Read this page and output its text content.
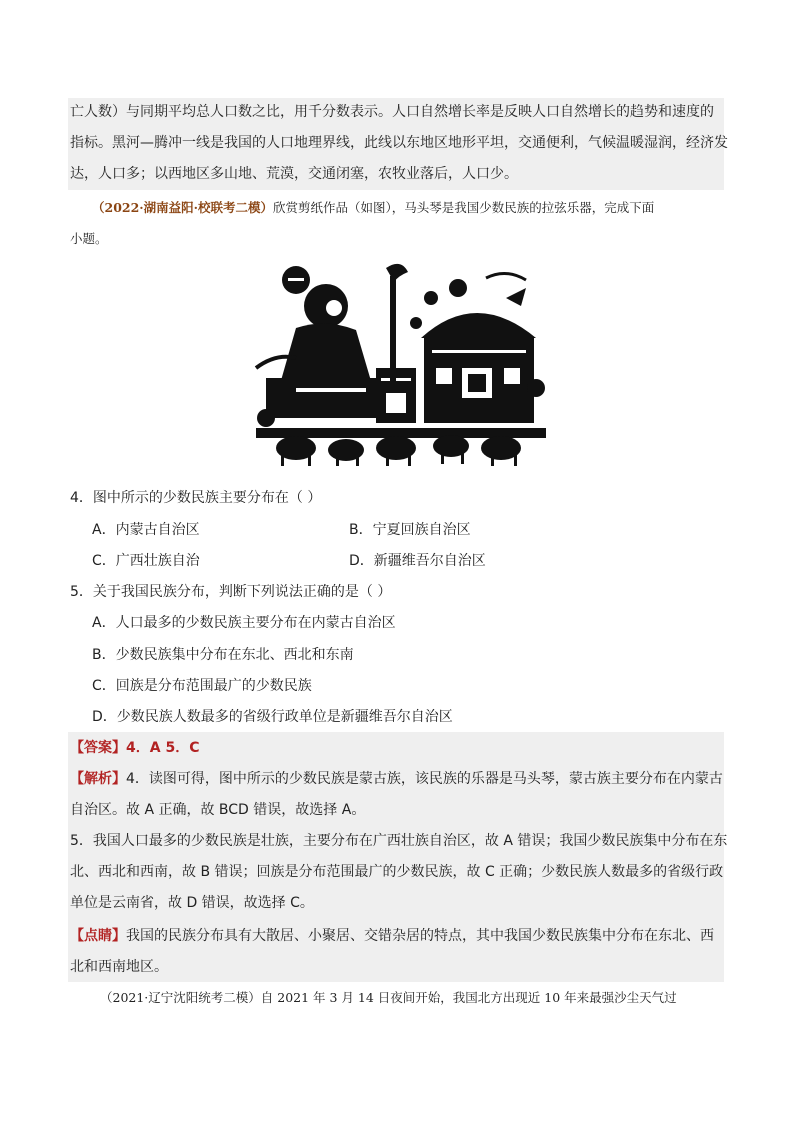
亡人数）与同期平均总人口数之比，用千分数表示。人口自然增长率是反映人口自然增长的趋势和速度的
指标。黑河—腾冲一线是我国的人口地理界线，此线以东地区地形平坦，交通便利，气候温暖湿润，经济发
达，人口多；以西地区多山地、荒漠，交通闭塞，农牧业落后，人口少。
（2022·湖南益阳·校联考二模）欣赏剪纸作品（如图），马头琴是我国少数民族的拉弦乐器，完成下面
小题。
4．图中所示的少数民族主要分布在（ ）
A．内蒙古自治区	B．宁夏回族自治区
C．广西壮族自治	D．新疆维吾尔自治区
5．关于我国民族分布，判断下列说法正确的是（ ）
A．人口最多的少数民族主要分布在内蒙古自治区
B．少数民族集中分布在东北、西北和东南
C．回族是分布范围最广的少数民族
D．少数民族人数最多的省级行政单位是新疆维吾尔自治区
【答案】4．A 5．C
【解析】4．读图可得，图中所示的少数民族是蒙古族，该民族的乐器是马头琴，蒙古族主要分布在内蒙古
自治区。故 A 正确，故 BCD 错误，故选择 A。
5．我国人口最多的少数民族是壮族，主要分布在广西壮族自治区，故 A 错误；我国少数民族集中分布在东
北、西北和西南，故 B 错误；回族是分布范围最广的少数民族，故 C 正确；少数民族人数最多的省级行政
单位是云南省，故 D 错误，故选择 C。
【点睛】我国的民族分布具有大散居、小聚居、交错杂居的特点，其中我国少数民族集中分布在东北、西
北和西南地区。
（2021·辽宁沈阳统考二模）自 2021 年 3 月 14 日夜间开始，我国北方出现近 10 年来最强沙尘天气过
